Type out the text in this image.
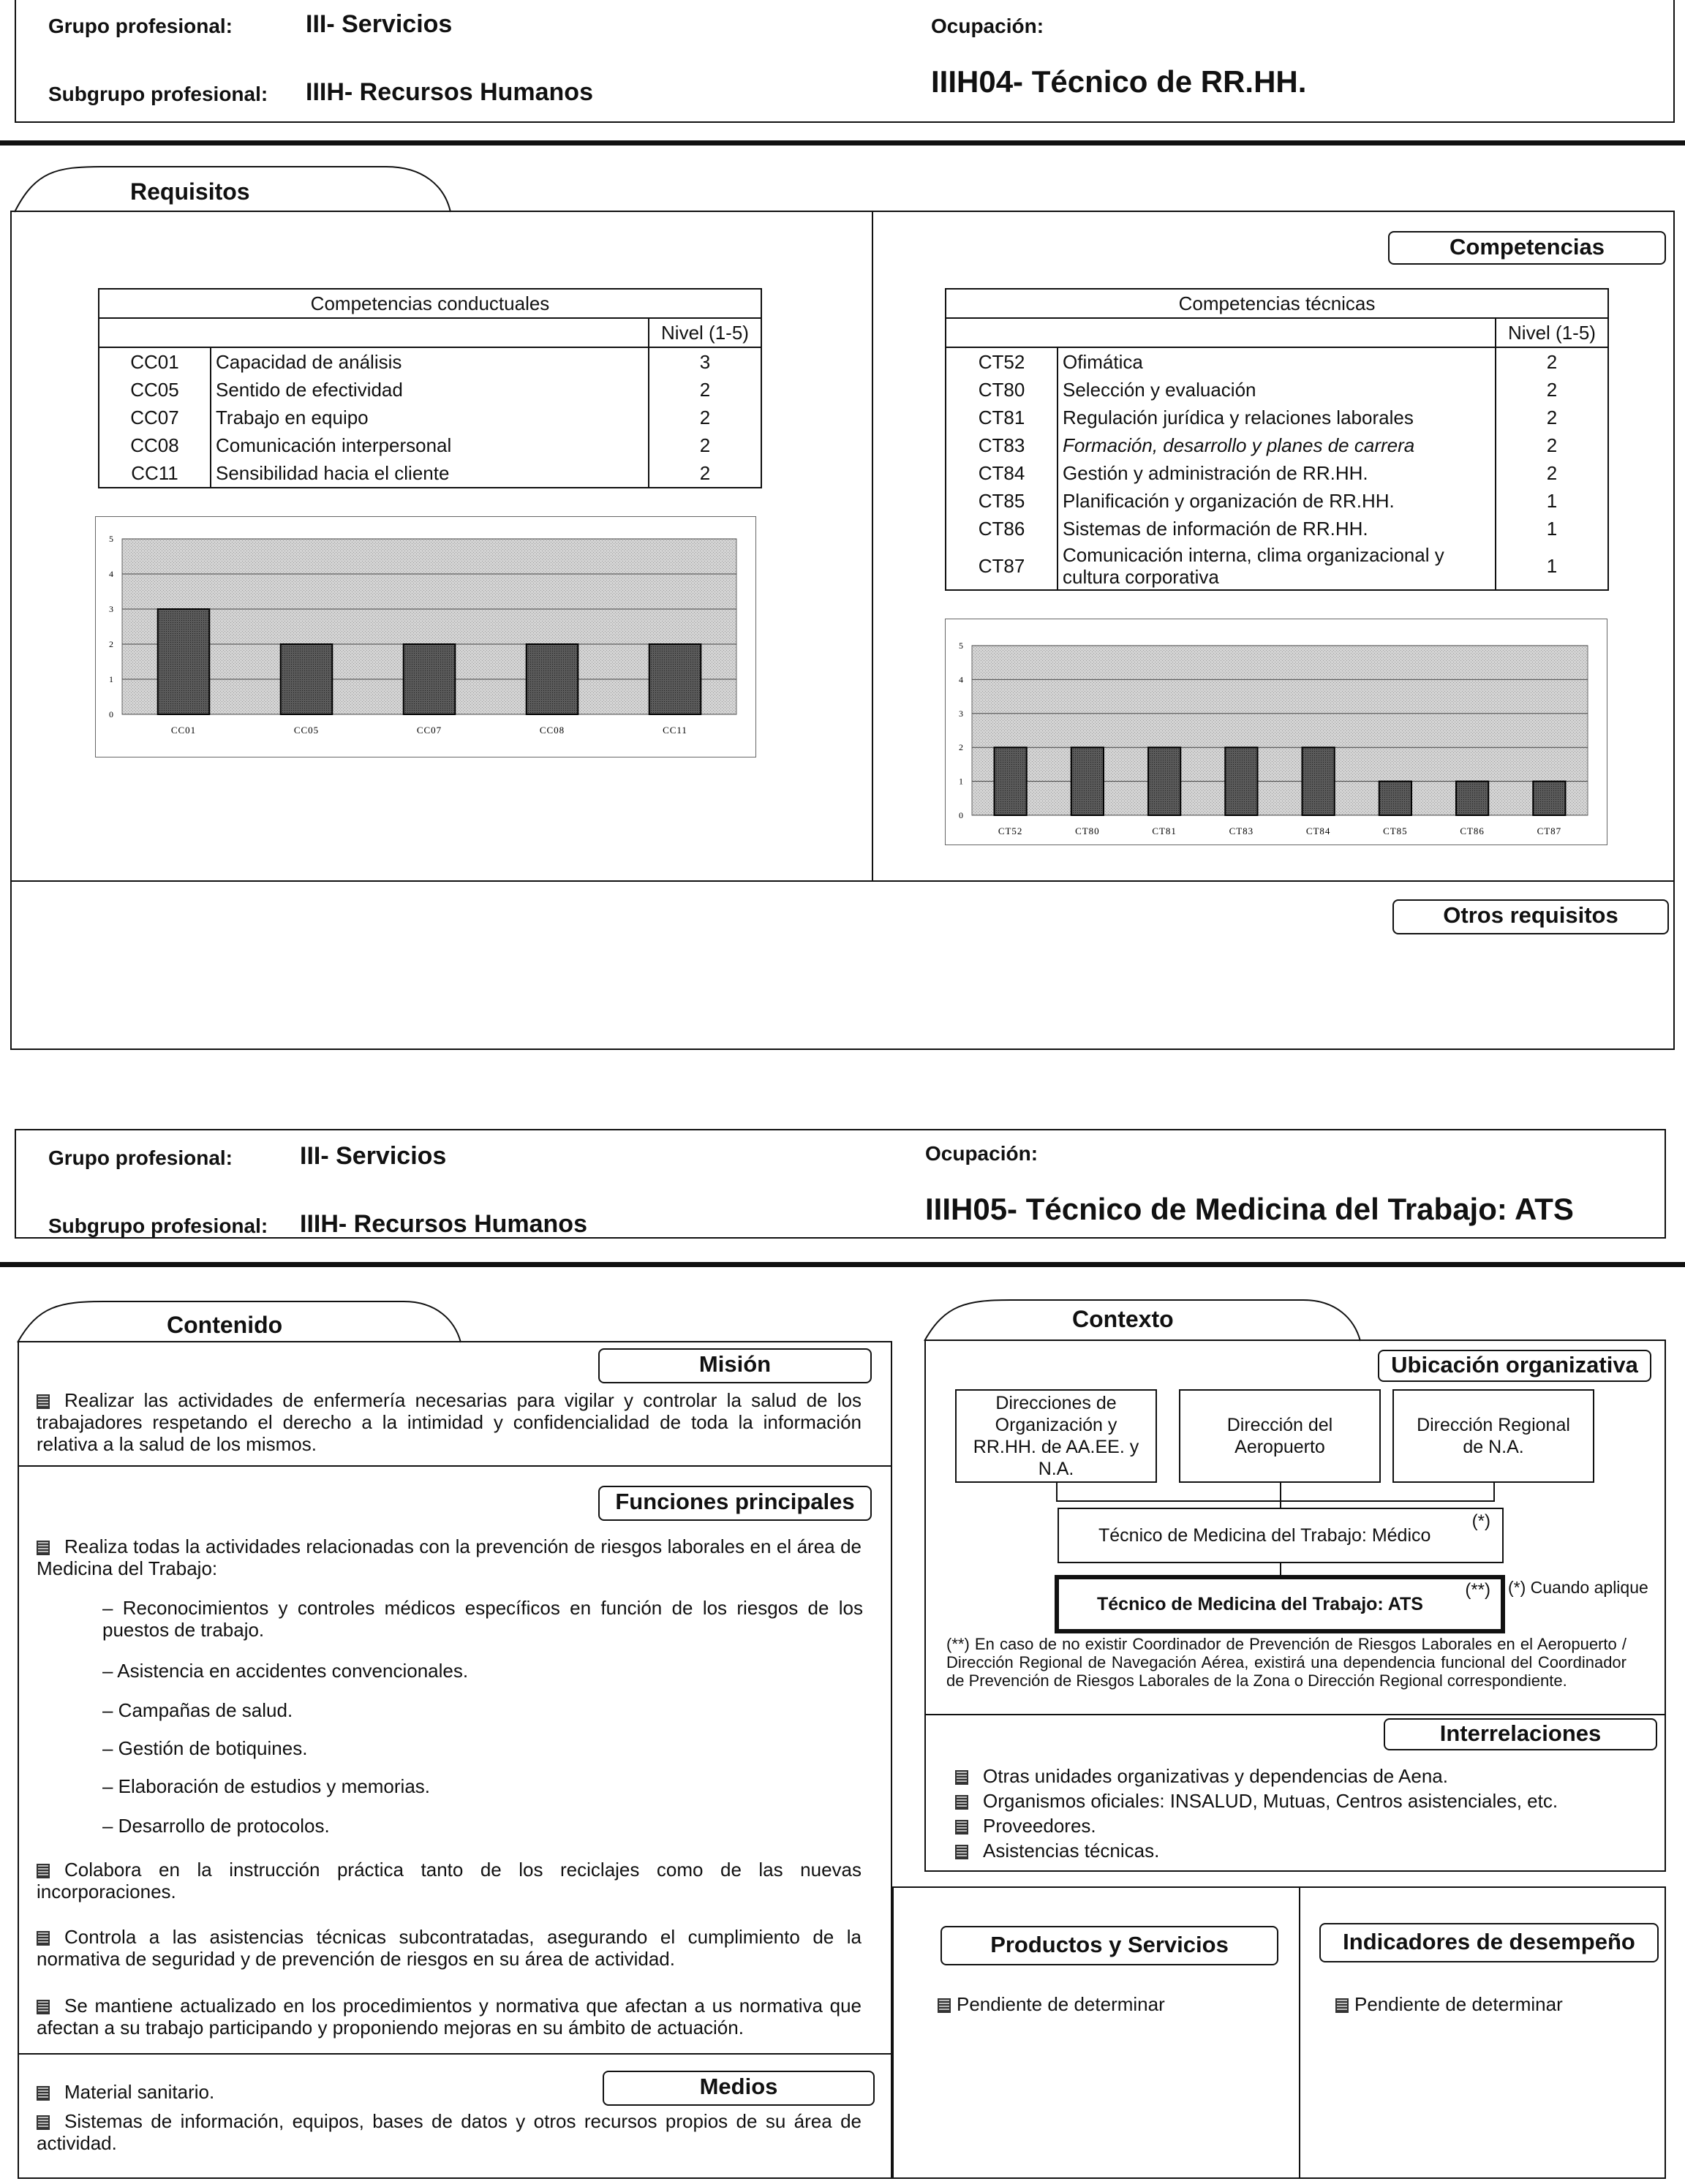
Grupo profesional:	III- Servicios
Subgrupo profesional: IIIH- Recursos Humanos
Ocupación:
IIIH04- Técnico de RR.HH.
Requisitos
Competencias
Otros requisitos
Competencias conductuales		
		Nivel (1-5)
CC01	Capacidad de análisis	3
CC05	Sentido de efectividad	2
CC07	Trabajo en equipo	2
CC08	Comunicación interpersonal	2
CC11	Sensibilidad hacia el cliente	2
Competencias técnicas		
		Nivel (1-5)
CT52	Ofimática	2
CT80	Selección y evaluación	2
CT81	Regulación jurídica y relaciones laborales	2
CT83	Formación, desarrollo y planes de carrera	2
CT84	Gestión y administración de RR.HH.	2
CT85	Planificación y organización de RR.HH.	1
CT86	Sistemas de información de RR.HH.	1
CT87	Comunicación interna, clima organizacional y cultura corporativa	1
0
1
2
3
4
5
CC01	CC05	CC07	CC08	CC11
0
1
2
3
4
5
CT52	CT80	CT81	CT83	CT84	CT85	CT86	CT87
Grupo profesional:	III- Servicios
Subgrupo profesional: IIIH- Recursos Humanos
Ocupación:
IIIH05- Técnico de Medicina del Trabajo: ATS
Contenido	Contexto
Misión
Realizar las actividades de enfermería necesarias para vigilar y controlar la salud de los trabajadores respetando el derecho a la intimidad y confidencialidad de toda la información relativa a la salud de los mismos.
Funciones principales
Realiza todas la actividades relacionadas con la prevención de riesgos laborales en el área de Medicina del Trabajo:
– Reconocimientos y controles médicos específicos en función de los riesgos de los puestos de trabajo.
– Asistencia en accidentes convencionales.
– Campañas de salud.
– Gestión de botiquines.
– Elaboración de estudios y memorias.
– Desarrollo de protocolos.
Colabora en la instrucción práctica tanto de los reciclajes como de las nuevas incorporaciones.
Controla a las asistencias técnicas subcontratadas, asegurando el cumplimiento de la normativa de seguridad y de prevención de riesgos en su área de actividad.
Se mantiene actualizado en los procedimientos y normativa que afectan a us normativa que afectan a su trabajo participando y proponiendo mejoras en su ámbito de actuación.
Medios
Material sanitario.
Sistemas de información, equipos, bases de datos y otros recursos propios de su área de actividad.
Ubicación organizativa
Direcciones de Organización y RR.HH. de AA.EE. y N.A.
Dirección del Aeropuerto
Dirección Regional de N.A.
Técnico de Medicina del Trabajo: Médico
(*)
Técnico de Medicina del Trabajo: ATS
(**) (*) Cuando aplique
(**) En caso de no existir Coordinador de Prevención de Riesgos Laborales en el Aeropuerto / Dirección Regional de Navegación Aérea, existirá una dependencia funcional del Coordinador de Prevención de Riesgos Laborales de la Zona o Dirección Regional correspondiente.
Interrelaciones
Otras unidades organizativas y dependencias de Aena.
Organismos oficiales: INSALUD, Mutuas, Centros asistenciales, etc.
Proveedores.
Asistencias técnicas.
Productos y Servicios	Indicadores de desempeño
Pendiente de determinar	Pendiente de determinar
